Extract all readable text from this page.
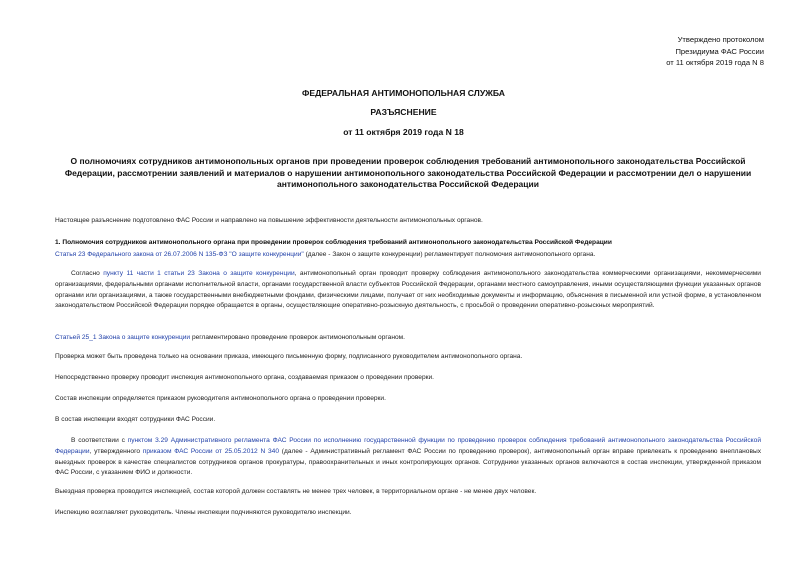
Утверждено протоколом
Президиума ФАС России
от 11 октября 2019 года N 8
ФЕДЕРАЛЬНАЯ АНТИМОНОПОЛЬНАЯ СЛУЖБА
РАЗЪЯСНЕНИЕ
от 11 октября 2019 года N 18
О полномочиях сотрудников антимонопольных органов при проведении проверок соблюдения требований антимонопольного законодательства Российской Федерации, рассмотрении заявлений и материалов о нарушении антимонопольного законодательства Российской Федерации и рассмотрении дел о нарушении антимонопольного законодательства Российской Федерации

Настоящее разъяснение подготовлено ФАС России и направлено на повышение эффективности деятельности антимонопольных органов.

1. Полномочия сотрудников антимонопольного органа при проведении проверок соблюдения требований антимонопольного законодательства Российской Федерации

Статья 23 Федерального закона от 26.07.2006 N 135-ФЗ "О защите конкуренции" (далее - Закон о защите конкуренции) регламентирует полномочия антимонопольного органа.

Согласно пункту 11 части 1 статьи 23 Закона о защите конкуренции, антимонопольный орган проводит проверку соблюдения антимонопольного законодательства коммерческими организациями, некоммерческими организациями, федеральными органами исполнительной власти, органами государственной власти субъектов Российской Федерации, органами местного самоуправления, иными осуществляющими функции указанных органов органами или организациями, а также государственными внебюджетными фондами, физическими лицами, получает от них необходимые документы и информацию, объяснения в письменной или устной форме, в установленном законодательством Российской Федерации порядке обращается в органы, осуществляющие оперативно-розыскную деятельность, с просьбой о проведении оперативно-розыскных мероприятий.

Статьей 25_1 Закона о защите конкуренции регламентировано проведение проверок антимонопольным органом.

Проверка может быть проведена только на основании приказа, имеющего письменную форму, подписанного руководителем антимонопольного органа.

Непосредственно проверку проводит инспекция антимонопольного органа, создаваемая приказом о проведении проверки.

Состав инспекции определяется приказом руководителя антимонопольного органа о проведении проверки.

В состав инспекции входят сотрудники ФАС России.

В соответствии с пунктом 3.29 Административного регламента ФАС России по исполнению государственной функции по проведению проверок соблюдения требований антимонопольного законодательства Российской Федерации, утвержденного приказом ФАС России от 25.05.2012 N 340 (далее - Административный регламент ФАС России по проведению проверок), антимонопольный орган вправе привлекать к проведению внеплановых выездных проверок в качестве специалистов сотрудников органов прокуратуры, правоохранительных и иных контролирующих органов. Сотрудники указанных органов включаются в состав инспекции, утвержденной приказом ФАС России, с указанием ФИО и должности.

Выездная проверка проводится инспекцией, состав которой должен составлять не менее трех человек, в территориальном органе - не менее двух человек.

Инспекцию возглавляет руководитель. Члены инспекции подчиняются руководителю инспекции.
